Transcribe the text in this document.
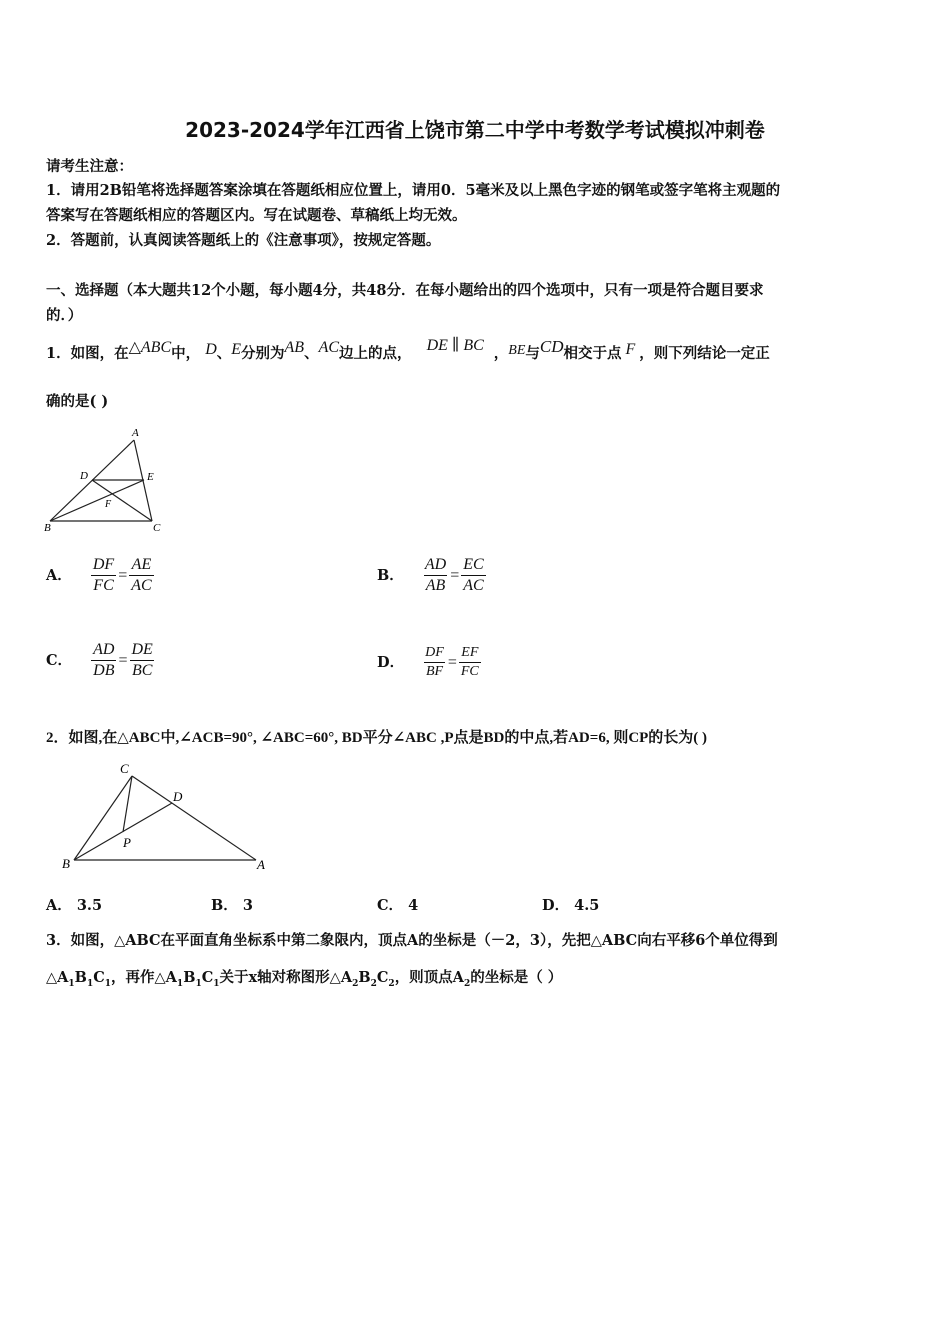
2023-2024学年江西省上饶市第二中学中考数学考试模拟冲刺卷
请考生注意：
1．请用2B铅笔将选择题答案涂填在答题纸相应位置上，请用0．5毫米及以上黑色字迹的钢笔或签字笔将主观题的
答案写在答题纸相应的答题区内。写在试题卷、草稿纸上均无效。
2．答题前，认真阅读答题纸上的《注意事项》，按规定答题。
一、选择题（本大题共12个小题，每小题4分，共48分．在每小题给出的四个选项中，只有一项是符合题目要求
的．）
1．如图，在△ABC中， D、E分别为AB、AC边上的点， DE ∥ BC ，BE与CD相交于点 F ，则下列结论一定正
确的是( )
A
D	E
F
B	C
A． $\frac{DF}{FC} = \frac{AE}{AC}$	B． $\frac{AD}{AB} = \frac{EC}{AC}$
C． $\frac{AD}{DB} = \frac{DE}{BC}$	D． $\frac{DF}{BF} = \frac{EF}{FC}$
2．如图,在△ABC中,∠ACB=90°, ∠ABC=60°, BD平分∠ABC ,P点是BD的中点,若AD=6, 则CP的长为( )
C
D
P
B	A
A． 3.5	B． 3	C． 4	D． 4.5
3．如图，△ABC在平面直角坐标系中第二象限内，顶点A的坐标是（－2，3），先把△ABC向右平移6个单位得到
$\triangle A_1B_1C_1$，再作$\triangle A_1B_1C_1$关于x轴对称图形$\triangle A_2B_2C_2$，则顶点$A_2$的坐标是（ ）
